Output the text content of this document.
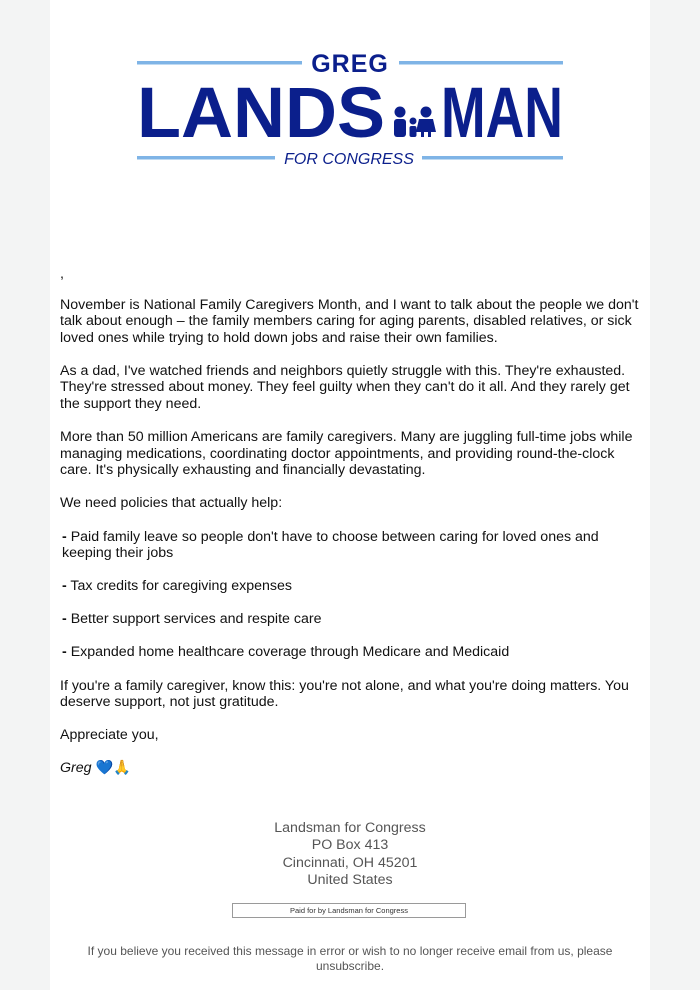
GREG
LANDS MAN
FOR CONGRESS

,

November is National Family Caregivers Month, and I want to talk about the people we don't talk about enough – the family members caring for aging parents, disabled relatives, or sick loved ones while trying to hold down jobs and raise their own families.

As a dad, I've watched friends and neighbors quietly struggle with this. They're exhausted. They're stressed about money. They feel guilty when they can't do it all. And they rarely get the support they need.

More than 50 million Americans are family caregivers. Many are juggling full-time jobs while managing medications, coordinating doctor appointments, and providing round-the-clock care. It's physically exhausting and financially devastating.

We need policies that actually help:

- Paid family leave so people don't have to choose between caring for loved ones and keeping their jobs

- Tax credits for caregiving expenses

- Better support services and respite care

- Expanded home healthcare coverage through Medicare and Medicaid

If you're a family caregiver, know this: you're not alone, and what you're doing matters. You deserve support, not just gratitude.

Appreciate you,

Greg 💙🙏

Landsman for Congress
PO Box 413
Cincinnati, OH 45201
United States
Paid for by Landsman for Congress
If you believe you received this message in error or wish to no longer receive email from us, please unsubscribe.
